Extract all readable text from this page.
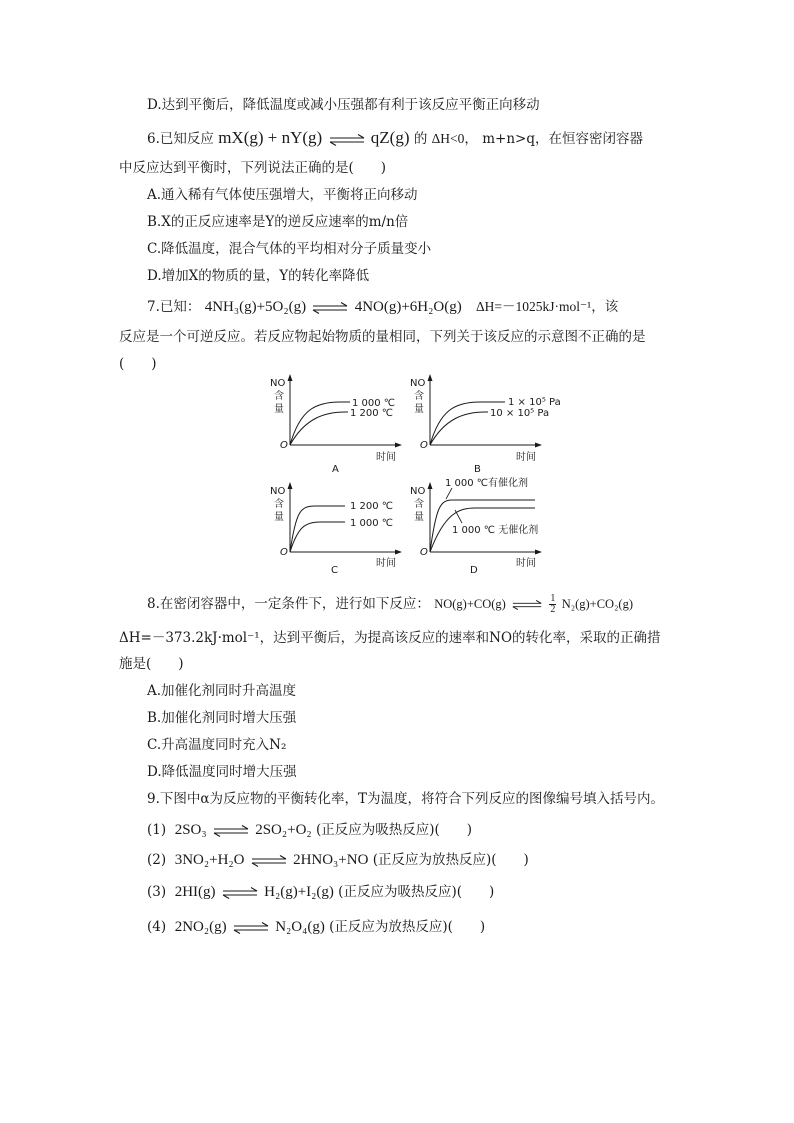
D.达到平衡后，降低温度或减小压强都有利于该反应平衡正向移动
6.已知反应 mX(g) + nY(g)	qZ(g) 的 ΔH<0， m+n>q，在恒容密闭容器
中反应达到平衡时，下列说法正确的是(　　)
A.通入稀有气体使压强增大，平衡将正向移动
B.X的正反应速率是Y的逆反应速率的m/n倍
C.降低温度，混合气体的平均相对分子质量变小
D.增加X的物质的量，Y的转化率降低
7.已知： 4NH₃(g)+5O₂(g)	4NO(g)+6H₂O(g) ΔH=－1025kJ·mol⁻¹，该
反应是一个可逆反应。若反应物起始物质的量相同，下列关于该反应的示意图不正确的是
(　　)
NO
含
量
O
时间
1 000 ℃
1 200 ℃
A
NO
含
量
O
时间
1 × 10⁵ Pa
10 × 10⁵ Pa
B
NO
含
量
O
时间
1 200 ℃
1 000 ℃
C
NO
含
量
O
时间
1 000 ℃有催化剂
1 000 ℃ 无催化剂
D
8.在密闭容器中，一定条件下，进行如下反应： NO(g)+CO(g)	$\frac{1}{2} N_2(g)+CO_2(g)$
ΔH=－373.2kJ·mol⁻¹，达到平衡后，为提高该反应的速率和NO的转化率，采取的正确措
施是(　　)
A.加催化剂同时升高温度
B.加催化剂同时增大压强
C.升高温度同时充入N₂
D.降低温度同时增大压强
9.下图中α为反应物的平衡转化率，T为温度，将符合下列反应的图像编号填入括号内。
(1) 2SO₃	2SO₂+O₂ (正反应为吸热反应)(　　)
(2) 3NO₂+H₂O	2HNO₃+NO (正反应为放热反应)(　　)
(3) 2HI(g)	H₂(g)+I₂(g) (正反应为吸热反应)(　　)
(4) 2NO₂(g)	N₂O₄(g) (正反应为放热反应)(　　)
